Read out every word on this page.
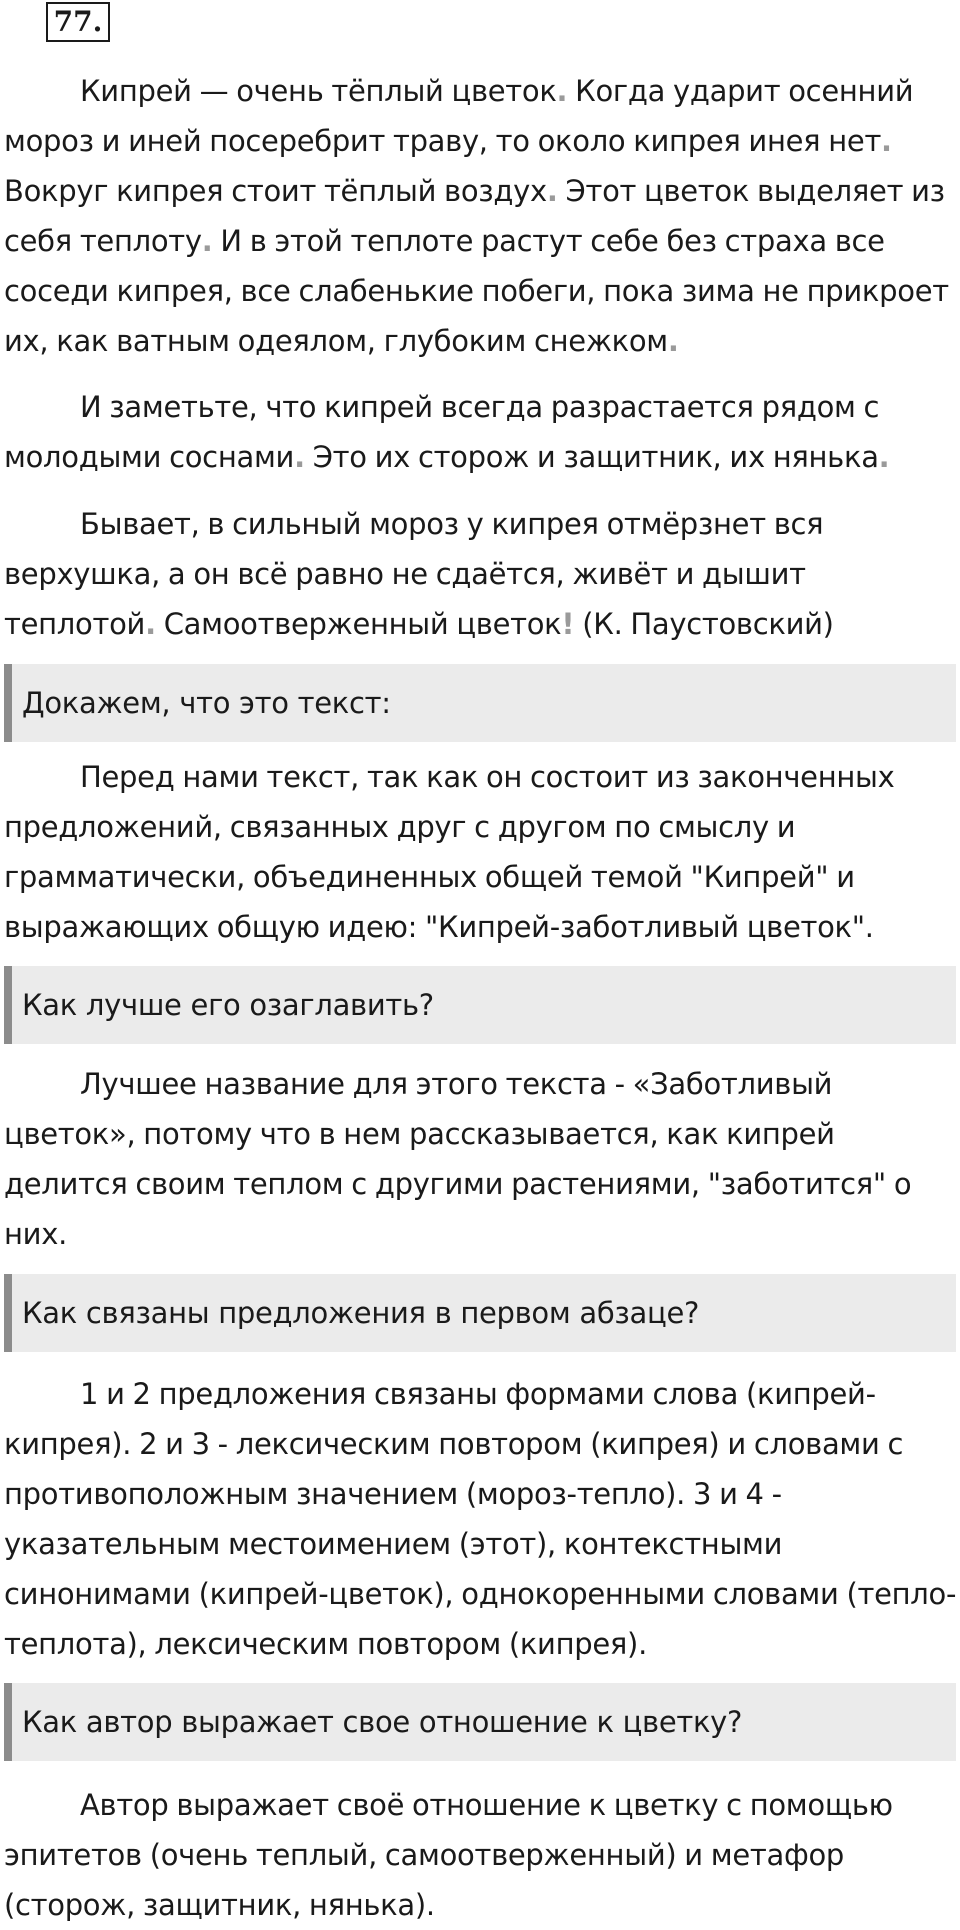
77.

Кипрей — очень тёплый цветок. Когда ударит осенний мороз и иней посеребрит траву, то около кипрея инея нет. Вокруг кипрея стоит тёплый воздух. Этот цветок выделяет из себя теплоту. И в этой теплоте растут себе без страха все соседи кипрея, все слабенькие побеги, пока зима не прикроет их, как ватным одеялом, глубоким снежком.

И заметьте, что кипрей всегда разрастается рядом с молодыми соснами. Это их сторож и защитник, их нянька.

Бывает, в сильный мороз у кипрея отмёрзнет вся верхушка, а он всё равно не сдаётся, живёт и дышит теплотой. Самоотверженный цветок! (К. Паустовский)

Докажем, что это текст:

Перед нами текст, так как он состоит из законченных предложений, связанных друг с другом по смыслу и грамматически, объединенных общей темой "Кипрей" и выражающих общую идею: "Кипрей-заботливый цветок".

Как лучше его озаглавить?

Лучшее название для этого текста - «Заботливый цветок», потому что в нем рассказывается, как кипрей делится своим теплом с другими растениями, "заботится" о них.

Как связаны предложения в первом абзаце?

1 и 2 предложения связаны формами слова (кипрей-кипрея). 2 и 3 - лексическим повтором (кипрея) и словами с противоположным значением (мороз-тепло). 3 и 4 - указательным местоимением (этот), контекстными синонимами (кипрей-цветок), однокоренными словами (тепло-теплота), лексическим повтором (кипрея).

Как автор выражает свое отношение к цветку?

Автор выражает своё отношение к цветку с помощью эпитетов (очень теплый, самоотверженный) и метафор (сторож, защитник, нянька).
